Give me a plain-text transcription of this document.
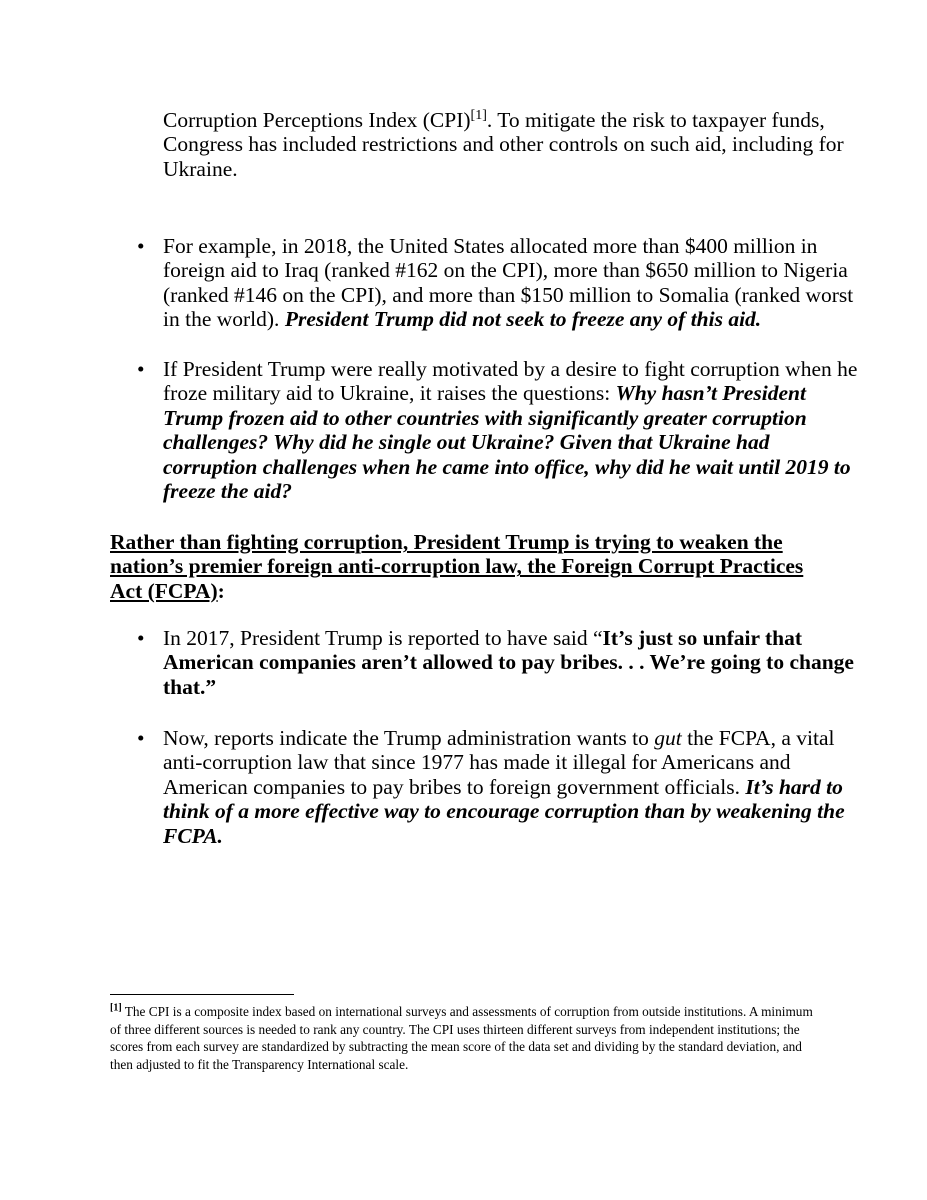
Corruption Perceptions Index (CPI)[1]. To mitigate the risk to taxpayer funds, Congress has included restrictions and other controls on such aid, including for Ukraine.

• For example, in 2018, the United States allocated more than $400 million in foreign aid to Iraq (ranked #162 on the CPI), more than $650 million to Nigeria (ranked #146 on the CPI), and more than $150 million to Somalia (ranked worst in the world). President Trump did not seek to freeze any of this aid.
• If President Trump were really motivated by a desire to fight corruption when he froze military aid to Ukraine, it raises the questions: Why hasn’t President Trump frozen aid to other countries with significantly greater corruption challenges? Why did he single out Ukraine? Given that Ukraine had corruption challenges when he came into office, why did he wait until 2019 to freeze the aid?

Rather than fighting corruption, President Trump is trying to weaken the nation’s premier foreign anti-corruption law, the Foreign Corrupt Practices Act (FCPA):

• In 2017, President Trump is reported to have said “It’s just so unfair that American companies aren’t allowed to pay bribes. . . We’re going to change that.”
• Now, reports indicate the Trump administration wants to gut the FCPA, a vital anti-corruption law that since 1977 has made it illegal for Americans and American companies to pay bribes to foreign government officials. It’s hard to think of a more effective way to encourage corruption than by weakening the FCPA.
[1] The CPI is a composite index based on international surveys and assessments of corruption from outside institutions. A minimum of three different sources is needed to rank any country. The CPI uses thirteen different surveys from independent institutions; the scores from each survey are standardized by subtracting the mean score of the data set and dividing by the standard deviation, and then adjusted to fit the Transparency International scale.
